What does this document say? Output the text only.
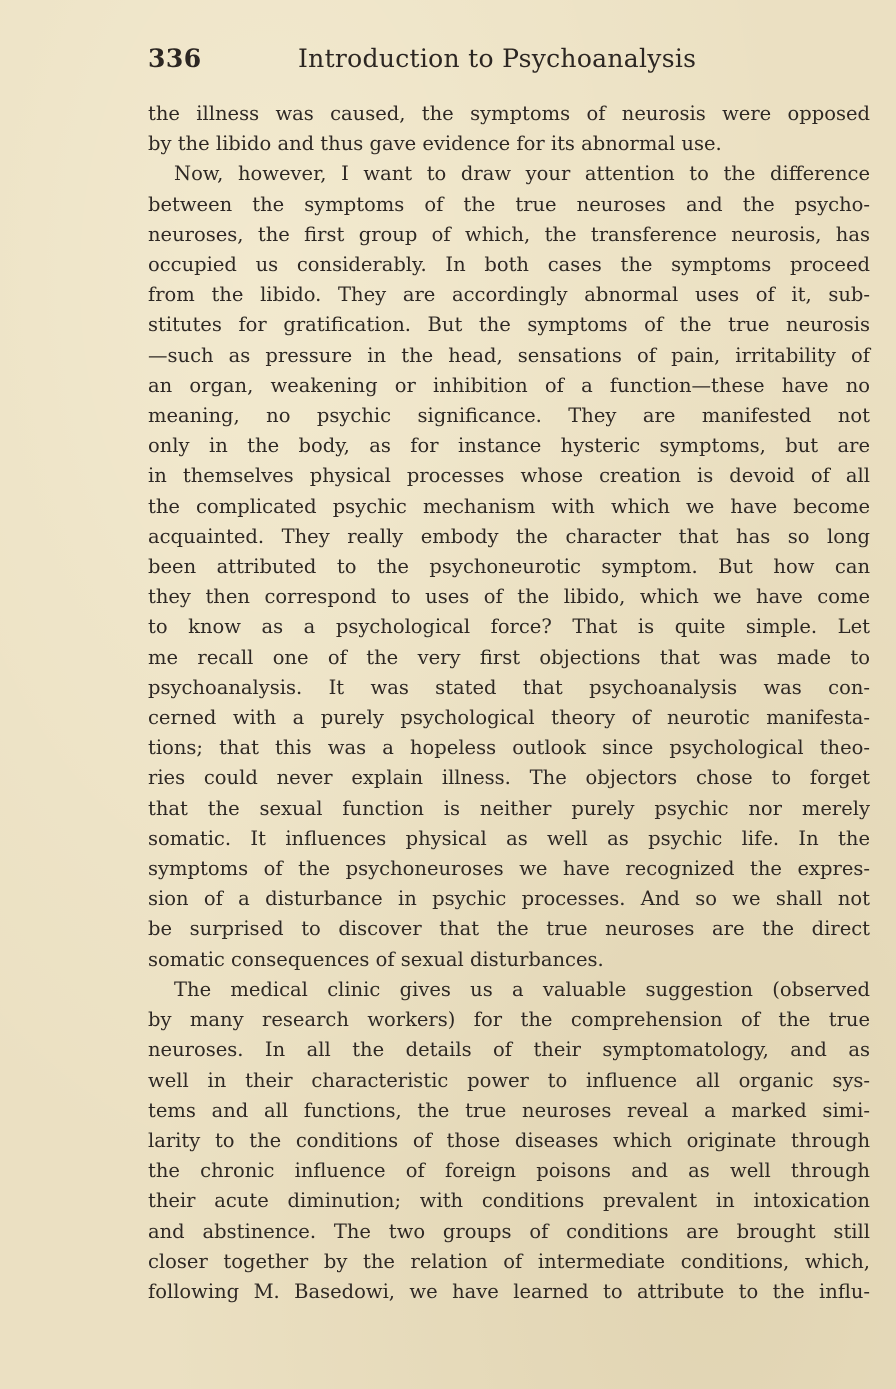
336	Introduction to Psychoanalysis
the illness was caused, the symptoms of neurosis were opposed
by the libido and thus gave evidence for its abnormal use.
Now, however, I want to draw your attention to the difference
between the symptoms of the true neuroses and the psycho-
neuroses, the first group of which, the transference neurosis, has
occupied us considerably. In both cases the symptoms proceed
from the libido. They are accordingly abnormal uses of it, sub-
stitutes for gratification. But the symptoms of the true neurosis
—such as pressure in the head, sensations of pain, irritability of
an organ, weakening or inhibition of a function—these have no
meaning, no psychic significance. They are manifested not
only in the body, as for instance hysteric symptoms, but are
in themselves physical processes whose creation is devoid of all
the complicated psychic mechanism with which we have become
acquainted. They really embody the character that has so long
been attributed to the psychoneurotic symptom. But how can
they then correspond to uses of the libido, which we have come
to know as a psychological force? That is quite simple. Let
me recall one of the very first objections that was made to
psychoanalysis. It was stated that psychoanalysis was con-
cerned with a purely psychological theory of neurotic manifesta-
tions; that this was a hopeless outlook since psychological theo-
ries could never explain illness. The objectors chose to forget
that the sexual function is neither purely psychic nor merely
somatic. It influences physical as well as psychic life. In the
symptoms of the psychoneuroses we have recognized the expres-
sion of a disturbance in psychic processes. And so we shall not
be surprised to discover that the true neuroses are the direct
somatic consequences of sexual disturbances.
The medical clinic gives us a valuable suggestion (observed
by many research workers) for the comprehension of the true
neuroses. In all the details of their symptomatology, and as
well in their characteristic power to influence all organic sys-
tems and all functions, the true neuroses reveal a marked simi-
larity to the conditions of those diseases which originate through
the chronic influence of foreign poisons and as well through
their acute diminution; with conditions prevalent in intoxication
and abstinence. The two groups of conditions are brought still
closer together by the relation of intermediate conditions, which,
following M. Basedowi, we have learned to attribute to the influ-
